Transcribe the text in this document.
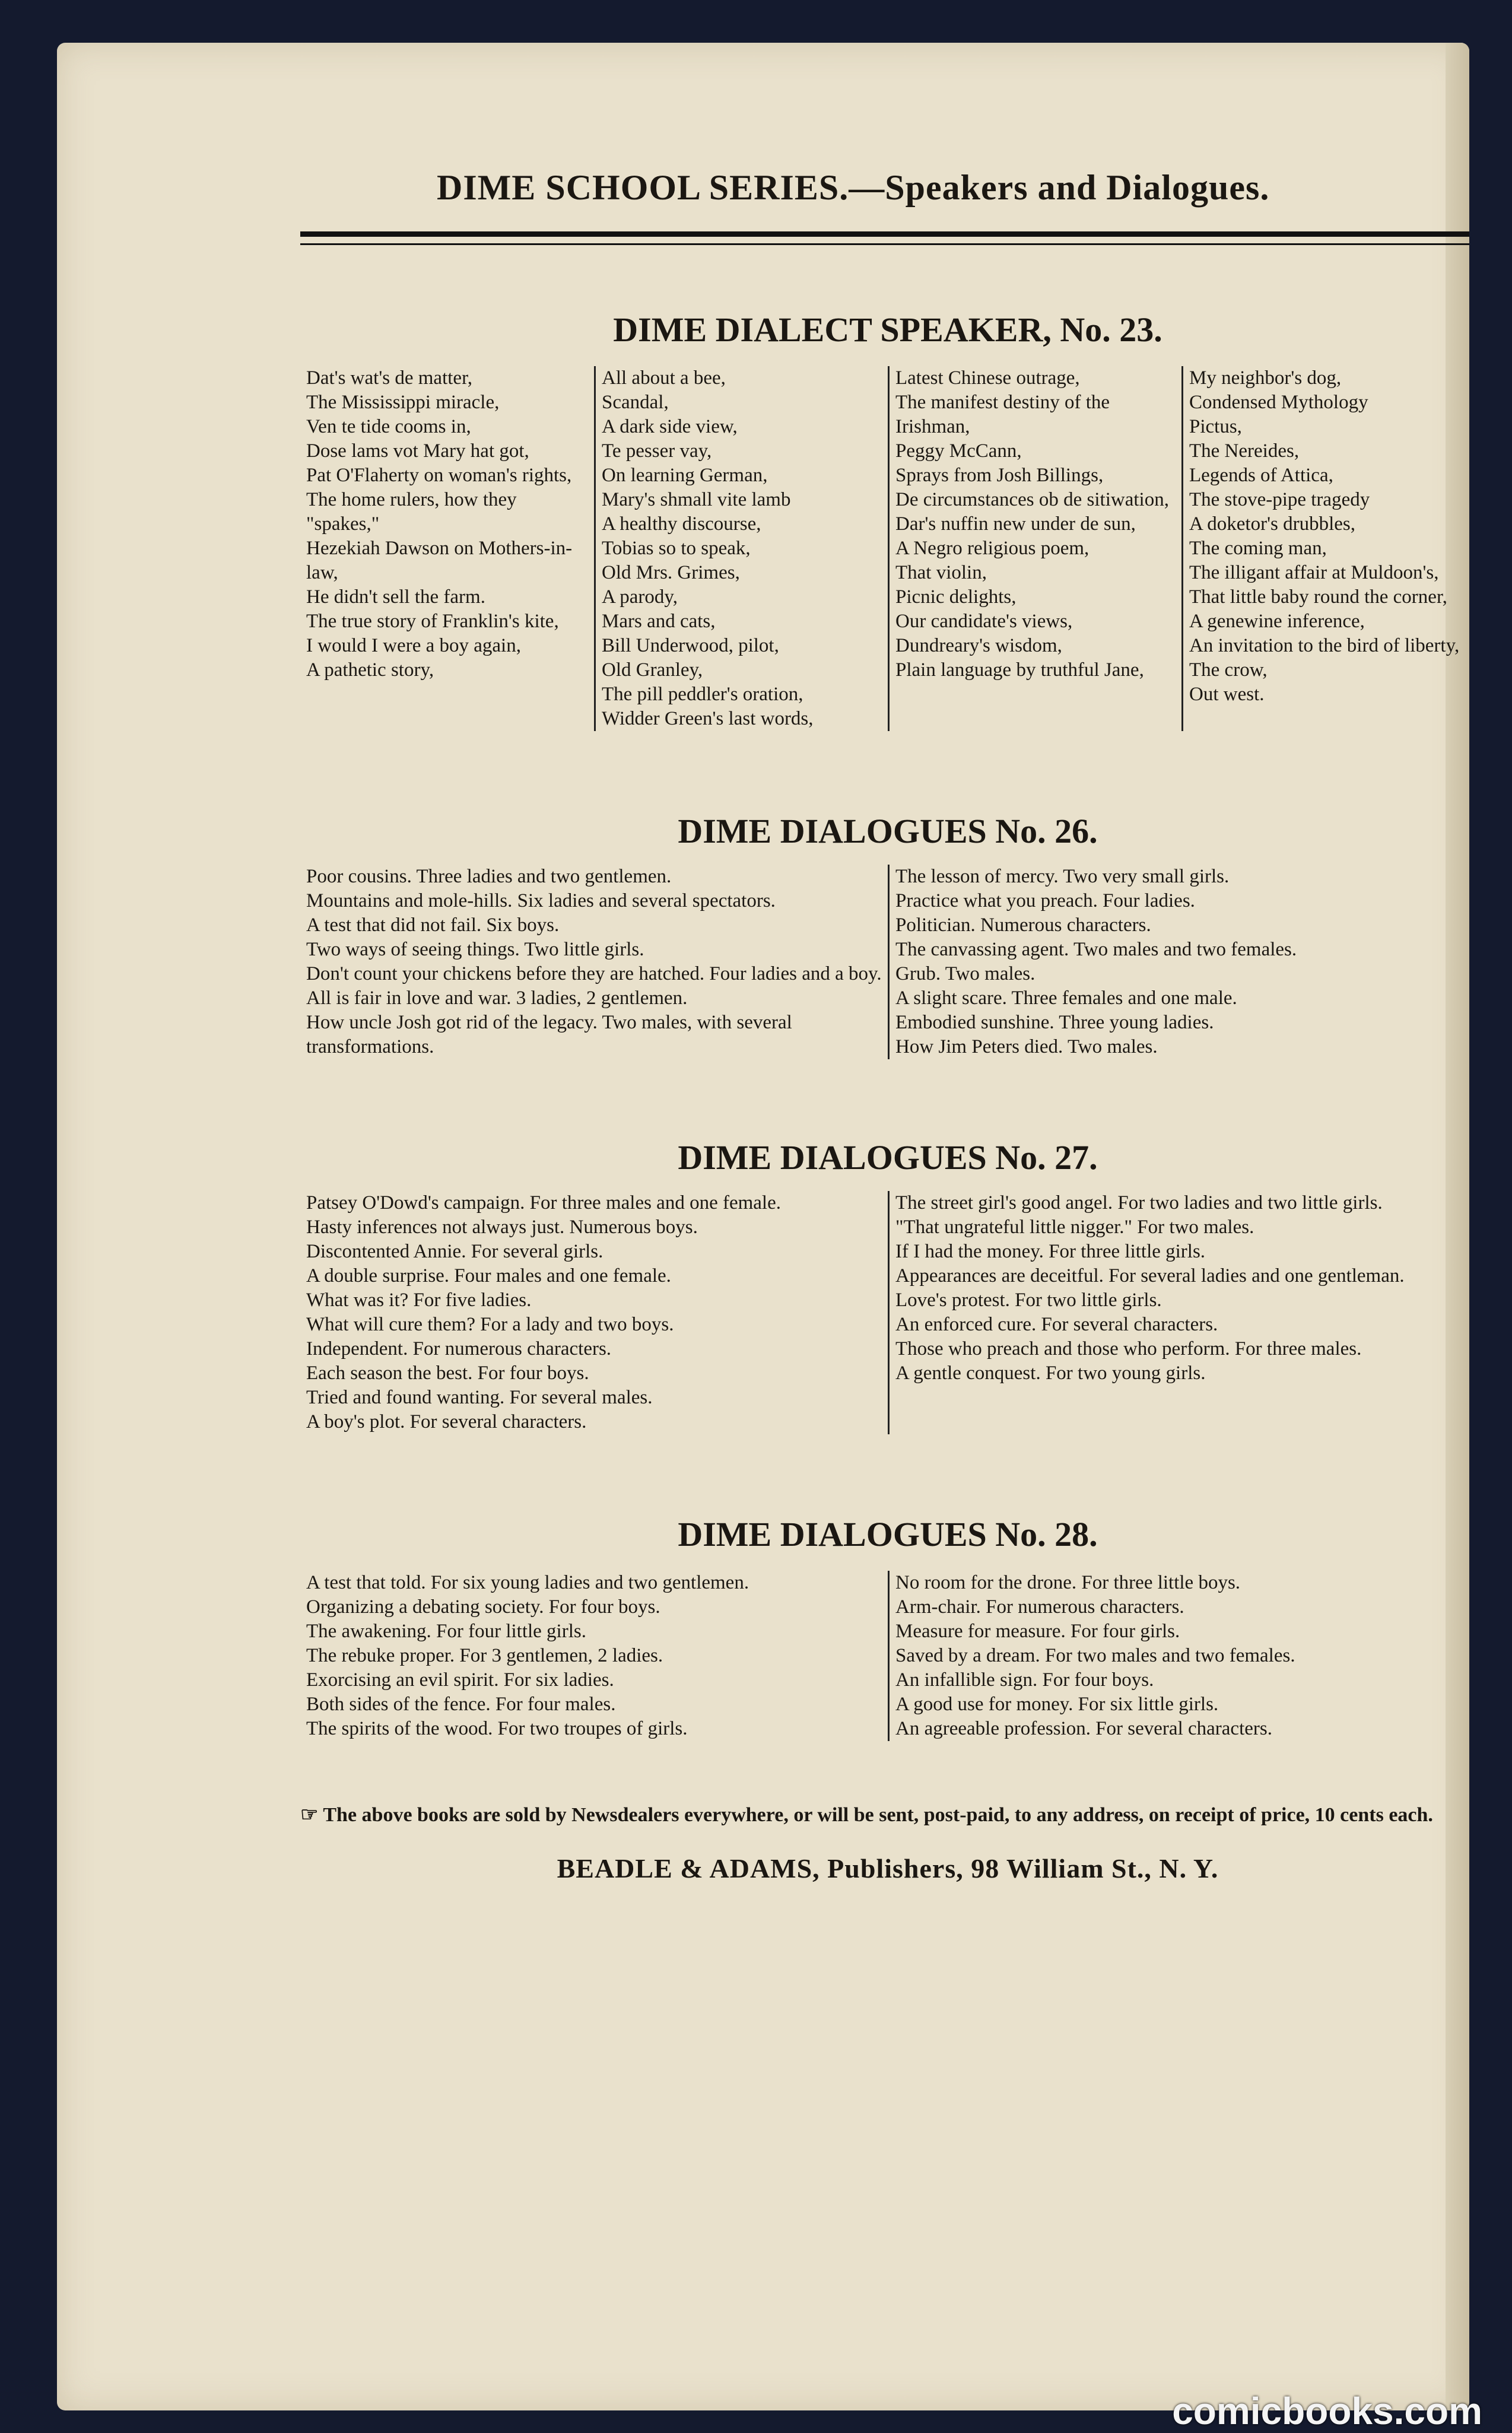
DIME SCHOOL SERIES.—Speakers and Dialogues.
DIME DIALECT SPEAKER, No. 23.
Dat's wat's de matter,
The Mississippi miracle,
Ven te tide cooms in,
Dose lams vot Mary hat got,
Pat O'Flaherty on woman's rights,
The home rulers, how they "spakes,"
Hezekiah Dawson on Mothers-in-law,
He didn't sell the farm.
The true story of Franklin's kite,
I would I were a boy again,
A pathetic story,
All about a bee,
Scandal,
A dark side view,
Te pesser vay,
On learning German,
Mary's shmall vite lamb
A healthy discourse,
Tobias so to speak,
Old Mrs. Grimes,
A parody,
Mars and cats,
Bill Underwood, pilot,
Old Granley,
The pill peddler's oration,
Widder Green's last words,
Latest Chinese outrage,
The manifest destiny of the Irishman,
Peggy McCann,
Sprays from Josh Billings,
De circumstances ob de sitiwation,
Dar's nuffin new under de sun,
A Negro religious poem,
That violin,
Picnic delights,
Our candidate's views,
Dundreary's wisdom,
Plain language by truthful Jane,
My neighbor's dog,
Condensed Mythology
Pictus,
The Nereides,
Legends of Attica,
The stove-pipe tragedy
A doketor's drubbles,
The coming man,
The illigant affair at Muldoon's,
That little baby round the corner,
A genewine inference,
An invitation to the bird of liberty,
The crow,
Out west.
DIME DIALOGUES No. 26.
Poor cousins. Three ladies and two gentlemen.
Mountains and mole-hills. Six ladies and several spectators.
A test that did not fail. Six boys.
Two ways of seeing things. Two little girls.
Don't count your chickens before they are hatched. Four ladies and a boy.
All is fair in love and war. 3 ladies, 2 gentlemen.
How uncle Josh got rid of the legacy. Two males, with several transformations.
The lesson of mercy. Two very small girls.
Practice what you preach. Four ladies.
Politician. Numerous characters.
The canvassing agent. Two males and two females.
Grub. Two males.
A slight scare. Three females and one male.
Embodied sunshine. Three young ladies.
How Jim Peters died. Two males.
DIME DIALOGUES No. 27.
Patsey O'Dowd's campaign. For three males and one female.
Hasty inferences not always just. Numerous boys.
Discontented Annie. For several girls.
A double surprise. Four males and one female.
What was it? For five ladies.
What will cure them? For a lady and two boys.
Independent. For numerous characters.
Each season the best. For four boys.
Tried and found wanting. For several males.
A boy's plot. For several characters.
The street girl's good angel. For two ladies and two little girls.
"That ungrateful little nigger." For two males.
If I had the money. For three little girls.
Appearances are deceitful. For several ladies and one gentleman.
Love's protest. For two little girls.
An enforced cure. For several characters.
Those who preach and those who perform. For three males.
A gentle conquest. For two young girls.
DIME DIALOGUES No. 28.
A test that told. For six young ladies and two gentlemen.
Organizing a debating society. For four boys.
The awakening. For four little girls.
The rebuke proper. For 3 gentlemen, 2 ladies.
Exorcising an evil spirit. For six ladies.
Both sides of the fence. For four males.
The spirits of the wood. For two troupes of girls.
No room for the drone. For three little boys.
Arm-chair. For numerous characters.
Measure for measure. For four girls.
Saved by a dream. For two males and two females.
An infallible sign. For four boys.
A good use for money. For six little girls.
An agreeable profession. For several characters.
☞ The above books are sold by Newsdealers everywhere, or will be sent, post-paid, to any address, on receipt of price, 10 cents each.
BEADLE & ADAMS, Publishers, 98 William St., N. Y.
comicbooks.com
